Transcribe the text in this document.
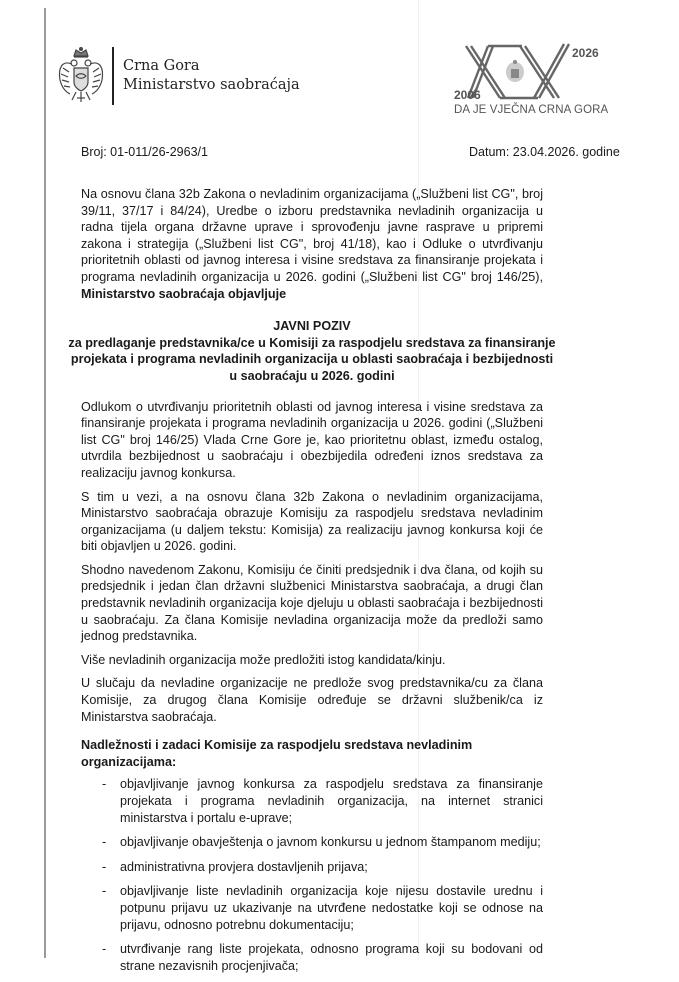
Crna Gora
Ministarstvo saobraćaja
2026
2006
DA JE VJEČNA CRNA GORA
Broj: 01-011/26-2963/1	Datum: 23.04.2026. godine

Na osnovu člana 32b Zakona o nevladinim organizacijama („Službeni list CG", broj 39/11, 37/17 i 84/24), Uredbe o izboru predstavnika nevladinih organizacija u radna tijela organa državne uprave i sprovođenju javne rasprave u pripremi zakona i strategija („Službeni list CG", broj 41/18), kao i Odluke o utvrđivanju prioritetnih oblasti od javnog interesa i visine sredstava za finansiranje projekata i programa nevladinih organizacija u 2026. godini („Službeni list CG" broj 146/25), Ministarstvo saobraćaja objavljuje

JAVNI POZIV
za predlaganje predstavnika/ce u Komisiji za raspodjelu sredstava za finansiranje projekata i programa nevladinih organizacija u oblasti saobraćaja i bezbijednosti u saobraćaju u 2026. godini

Odlukom o utvrđivanju prioritetnih oblasti od javnog interesa i visine sredstava za finansiranje projekata i programa nevladinih organizacija u 2026. godini („Službeni list CG" broj 146/25) Vlada Crne Gore je, kao prioritetnu oblast, između ostalog, utvrdila bezbijednost u saobraćaju i obezbijedila određeni iznos sredstava za realizaciju javnog konkursa.

S tim u vezi, a na osnovu člana 32b Zakona o nevladinim organizacijama, Ministarstvo saobraćaja obrazuje Komisiju za raspodjelu sredstava nevladinim organizacijama (u daljem tekstu: Komisija) za realizaciju javnog konkursa koji će biti objavljen u 2026. godini.

Shodno navedenom Zakonu, Komisiju će činiti predsjednik i dva člana, od kojih su predsjednik i jedan član državni službenici Ministarstva saobraćaja, a drugi član predstavnik nevladinih organizacija koje djeluju u oblasti saobraćaja i bezbijednosti u saobraćaju. Za člana Komisije nevladina organizacija može da predloži samo jednog predstavnika.

Više nevladinih organizacija može predložiti istog kandidata/kinju.

U slučaju da nevladine organizacije ne predlože svog predstavnika/cu za člana Komisije, za drugog člana Komisije određuje se državni službenik/ca iz Ministarstva saobraćaja.

Nadležnosti i zadaci Komisije za raspodjelu sredstava nevladinim organizacijama:
- objavljivanje javnog konkursa za raspodjelu sredstava za finansiranje projekata i programa nevladinih organizacija, na internet stranici ministarstva i portalu e-uprave;
- objavljivanje obavještenja o javnom konkursu u jednom štampanom mediju;
- administrativna provjera dostavljenih prijava;
- objavljivanje liste nevladinih organizacija koje nijesu dostavile urednu i potpunu prijavu uz ukazivanje na utvrđene nedostatke koji se odnose na prijavu, odnosno potrebnu dokumentaciju;
- utvrđivanje rang liste projekata, odnosno programa koji su bodovani od strane nezavisnih procjenjivača;
